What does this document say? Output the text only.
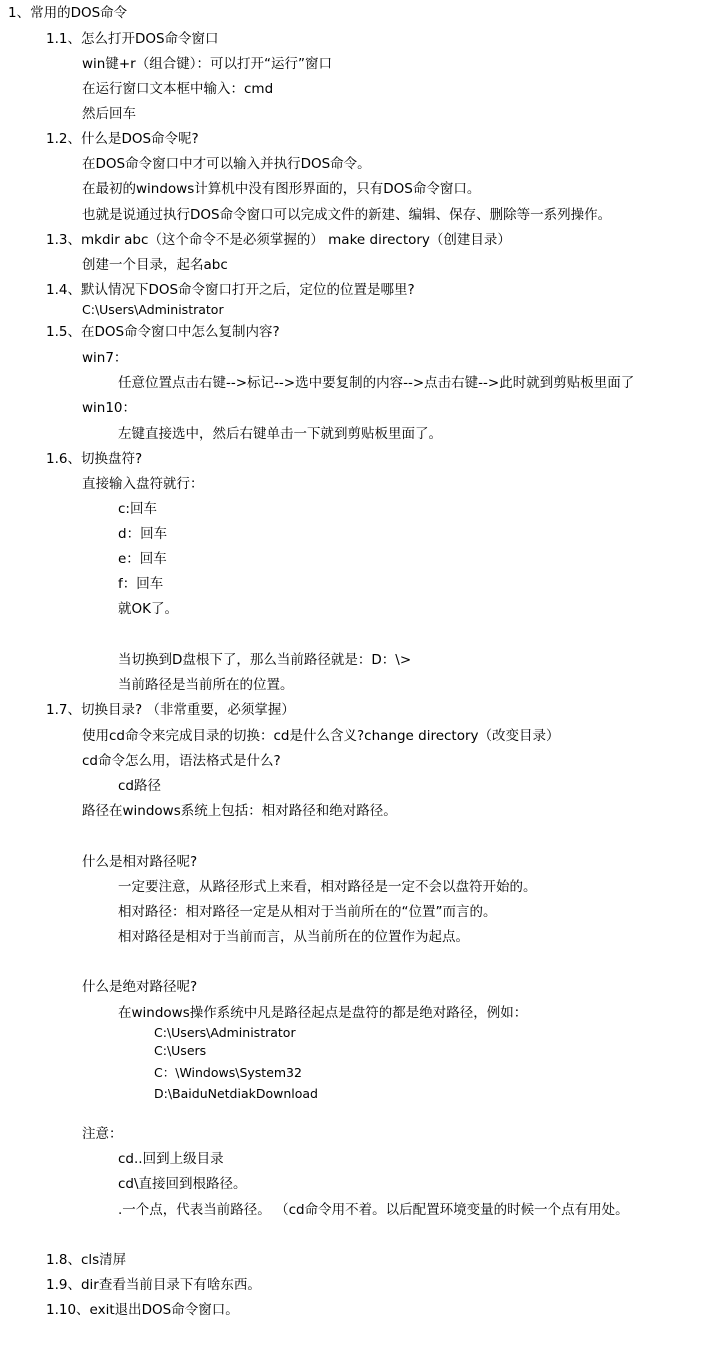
1、常用的DOS命令
1.1、怎么打开DOS命令窗口
win键+r（组合键）：可以打开“运行”窗口
在运行窗口文本框中输入：cmd
然后回车
1.2、什么是DOS命令呢?
在DOS命令窗口中才可以输入并执行DOS命令。
在最初的windows计算机中没有图形界面的，只有DOS命令窗口。
也就是说通过执行DOS命令窗口可以完成文件的新建、编辑、保存、删除等一系列操作。
1.3、mkdir abc（这个命令不是必须掌握的） make directory（创建目录）
创建一个目录，起名abc
1.4、默认情况下DOS命令窗口打开之后，定位的位置是哪里?
C:\Users\Administrator
1.5、在DOS命令窗口中怎么复制内容?
win7：
任意位置点击右键-->标记-->选中要复制的内容-->点击右键-->此时就到剪贴板里面了
win10：
左键直接选中，然后右键单击一下就到剪贴板里面了。
1.6、切换盘符?
直接输入盘符就行：
c:回车
d：回车
e：回车
f：回车
就OK了。
当切换到D盘根下了，那么当前路径就是：D：\>
当前路径是当前所在的位置。
1.7、切换目录? （非常重要，必须掌握）
使用cd命令来完成目录的切换：cd是什么含义?change directory（改变目录）
cd命令怎么用，语法格式是什么?
cd路径
路径在windows系统上包括：相对路径和绝对路径。
什么是相对路径呢?
一定要注意，从路径形式上来看，相对路径是一定不会以盘符开始的。
相对路径：相对路径一定是从相对于当前所在的“位置”而言的。
相对路径是相对于当前而言，从当前所在的位置作为起点。
什么是绝对路径呢?
在windows操作系统中凡是路径起点是盘符的都是绝对路径，例如：
C:\Users\Administrator
C:\Users
C：\Windows\System32
D:\BaiduNetdiakDownload
注意：
cd..回到上级目录
cd\直接回到根路径。
.一个点，代表当前路径。 （cd命令用不着。以后配置环境变量的时候一个点有用处。
1.8、cls清屏
1.9、dir查看当前目录下有啥东西。
1.10、exit退出DOS命令窗口。
